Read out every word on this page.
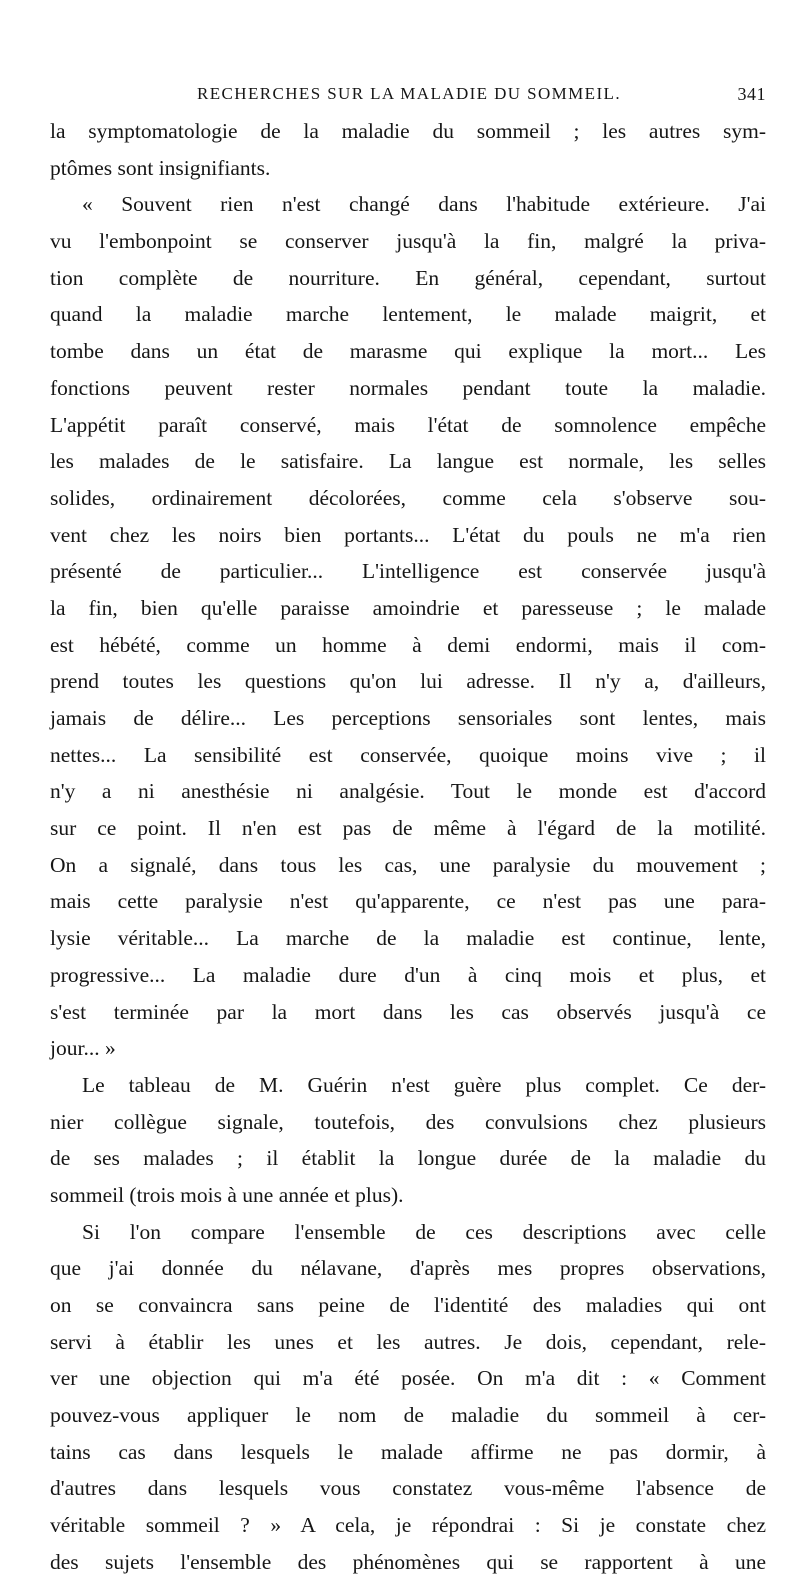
RECHERCHES SUR LA MALADIE DU SOMMEIL.	341
la symptomatologie de la maladie du sommeil ; les autres sym-
ptômes sont insignifiants.
« Souvent rien n'est changé dans l'habitude extérieure. J'ai
vu l'embonpoint se conserver jusqu'à la fin, malgré la priva-
tion complète de nourriture. En général, cependant, surtout
quand la maladie marche lentement, le malade maigrit, et
tombe dans un état de marasme qui explique la mort... Les
fonctions peuvent rester normales pendant toute la maladie.
L'appétit paraît conservé, mais l'état de somnolence empêche
les malades de le satisfaire. La langue est normale, les selles
solides, ordinairement décolorées, comme cela s'observe sou-
vent chez les noirs bien portants... L'état du pouls ne m'a rien
présenté de particulier... L'intelligence est conservée jusqu'à
la fin, bien qu'elle paraisse amoindrie et paresseuse ; le malade
est hébété, comme un homme à demi endormi, mais il com-
prend toutes les questions qu'on lui adresse. Il n'y a, d'ailleurs,
jamais de délire... Les perceptions sensoriales sont lentes, mais
nettes... La sensibilité est conservée, quoique moins vive ; il
n'y a ni anesthésie ni analgésie. Tout le monde est d'accord
sur ce point. Il n'en est pas de même à l'égard de la motilité.
On a signalé, dans tous les cas, une paralysie du mouvement ;
mais cette paralysie n'est qu'apparente, ce n'est pas une para-
lysie véritable... La marche de la maladie est continue, lente,
progressive... La maladie dure d'un à cinq mois et plus, et
s'est terminée par la mort dans les cas observés jusqu'à ce
jour... »
Le tableau de M. Guérin n'est guère plus complet. Ce der-
nier collègue signale, toutefois, des convulsions chez plusieurs
de ses malades ; il établit la longue durée de la maladie du
sommeil (trois mois à une année et plus).
Si l'on compare l'ensemble de ces descriptions avec celle
que j'ai donnée du nélavane, d'après mes propres observations,
on se convaincra sans peine de l'identité des maladies qui ont
servi à établir les unes et les autres. Je dois, cependant, rele-
ver une objection qui m'a été posée. On m'a dit : « Comment
pouvez-vous appliquer le nom de maladie du sommeil à cer-
tains cas dans lesquels le malade affirme ne pas dormir, à
d'autres dans lesquels vous constatez vous-même l'absence de
véritable sommeil ? » A cela, je répondrai : Si je constate chez
des sujets l'ensemble des phénomènes qui se rapportent à une
